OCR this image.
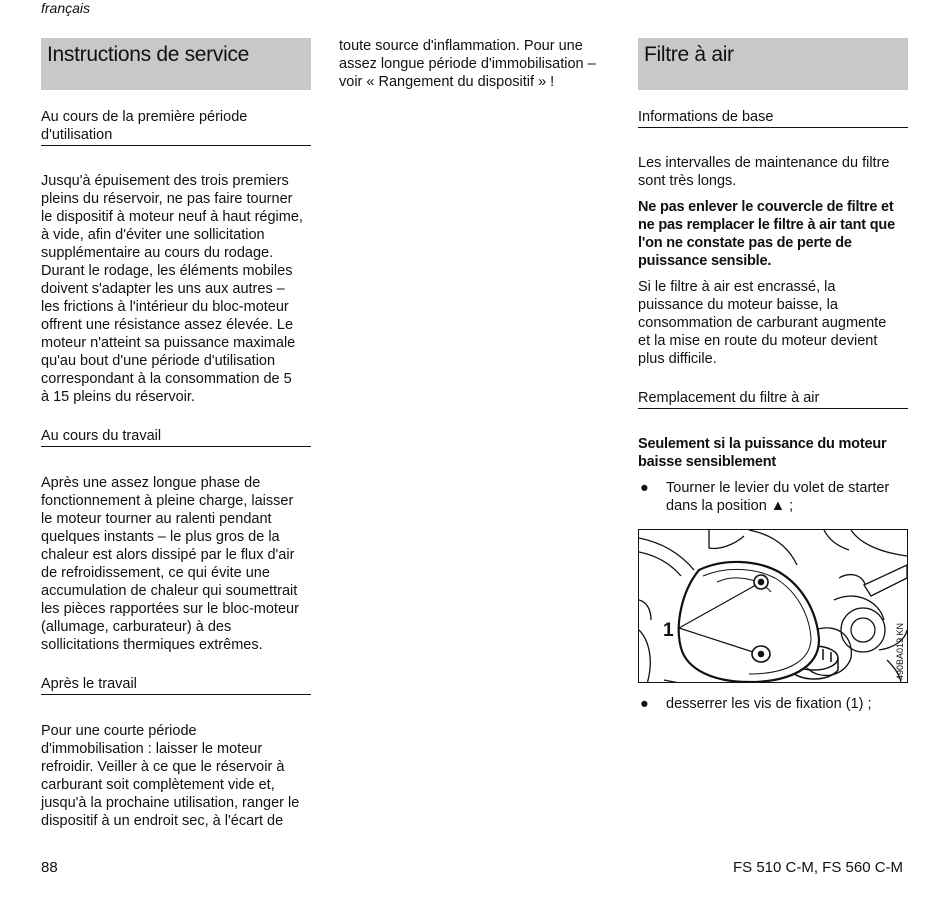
français
Instructions de service
Au cours de la première période
d'utilisation

Jusqu'à épuisement des trois premiers

pleins du réservoir, ne pas faire tourner

le dispositif à moteur neuf à haut régime,

à vide, afin d'éviter une sollicitation

supplémentaire au cours du rodage.

Durant le rodage, les éléments mobiles

doivent s'adapter les uns aux autres –

les frictions à l'intérieur du bloc-moteur

offrent une résistance assez élevée. Le

moteur n'atteint sa puissance maximale

qu'au bout d'une période d'utilisation

correspondant à la consommation de 5

à 15 pleins du réservoir.

Au cours du travail

Après une assez longue phase de

fonctionnement à pleine charge, laisser

le moteur tourner au ralenti pendant

quelques instants – le plus gros de la

chaleur est alors dissipé par le flux d'air

de refroidissement, ce qui évite une

accumulation de chaleur qui soumettrait

les pièces rapportées sur le bloc-moteur

(allumage, carburateur) à des

sollicitations thermiques extrêmes.

Après le travail

Pour une courte période

d'immobilisation : laisser le moteur

refroidir. Veiller à ce que le réservoir à

carburant soit complètement vide et,

jusqu'à la prochaine utilisation, ranger le

dispositif à un endroit sec, à l'écart de

toute source d'inflammation. Pour une

assez longue période d'immobilisation –

voir « Rangement du dispositif » !

Filtre à air
Informations de base

Les intervalles de maintenance du filtre

sont très longs.

Ne pas enlever le couvercle de filtre et

ne pas remplacer le filtre à air tant que

l'on ne constate pas de perte de

puissance sensible.

Si le filtre à air est encrassé, la

puissance du moteur baisse, la

consommation de carburant augmente

et la mise en route du moteur devient

plus difficile.

Remplacement du filtre à air

Seulement si la puissance du moteur

baisse sensiblement

● Tourner le levier du volet de starter
dans la position ▲ ;
1	490BA019 KN
● desserrer les vis de fixation (1) ;
88	FS 510 C-M, FS 560 C-M
